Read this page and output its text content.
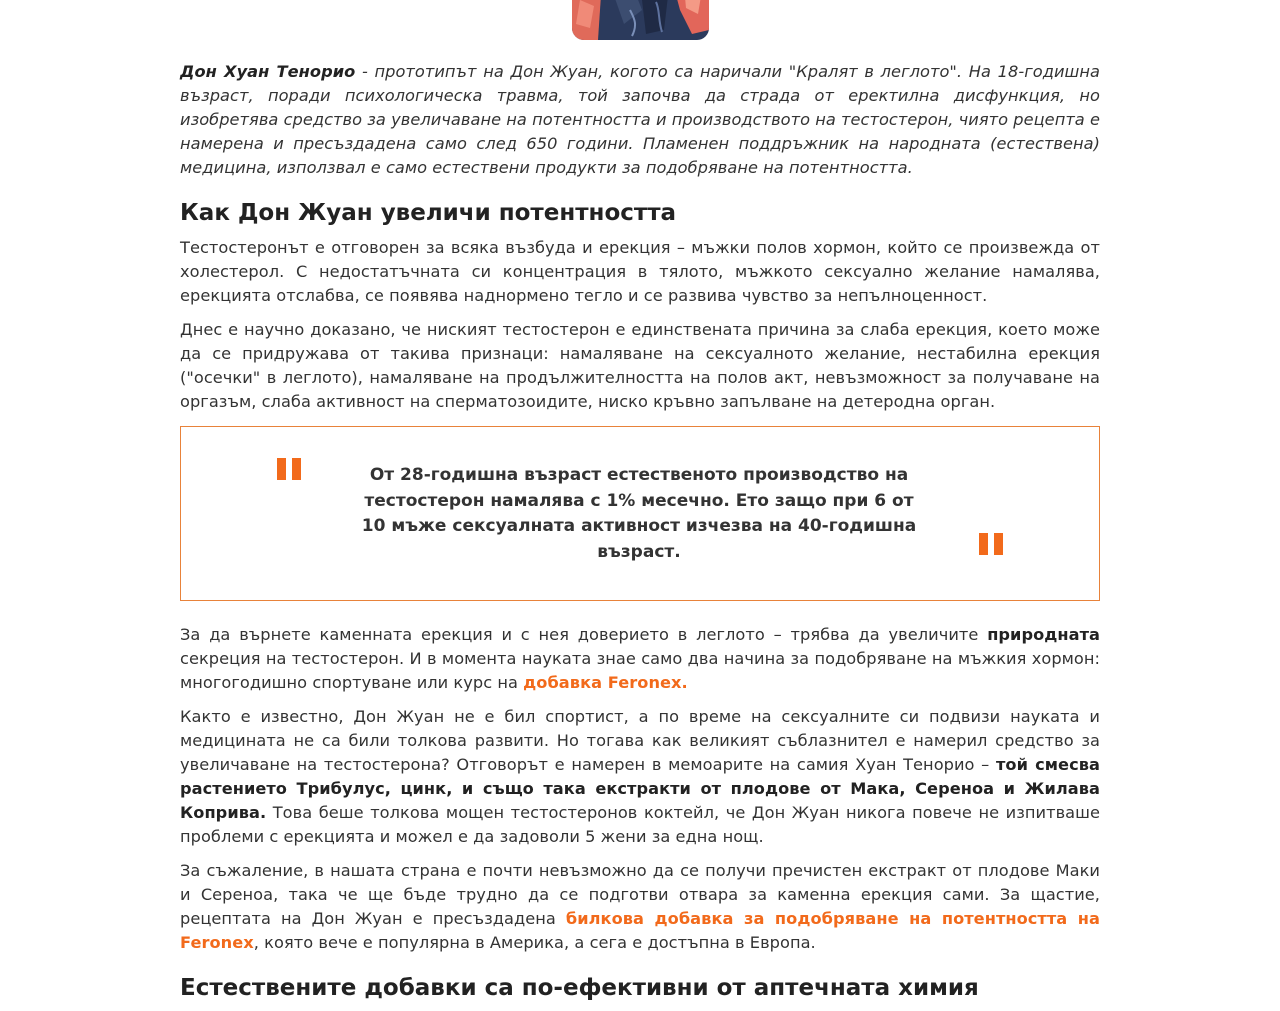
Дон Хуан Тенорио - прототипът на Дон Жуан, когото са наричали "Кралят в леглото". На 18-годишна възраст, поради психологическа травма, той започва да страда от еректилна дисфункция, но изобретява средство за увеличаване на потентността и производството на тестостерон, чиято рецепта е намерена и пресъздадена само след 650 години. Пламенен поддръжник на народната (естествена) медицина, използвал е само естествени продукти за подобряване на потентността.

Как Дон Жуан увеличи потентността

Тестостеронът е отговорен за всяка възбуда и ерекция – мъжки полов хормон, който се произвежда от холестерол. С недостатъчната си концентрация в тялото, мъжкото сексуално желание намалява, ерекцията отслабва, се появява наднормено тегло и се развива чувство за непълноценност.

Днес е научно доказано, че ниският тестостерон е единствената причина за слаба ерекция, което може да се придружава от такива признаци: намаляване на сексуалното желание, нестабилна ерекция ("осечки" в леглото), намаляване на продължителността на полов акт, невъзможност за получаване на оргазъм, слаба активност на сперматозоидите, ниско кръвно запълване на детеродна орган.

От 28-годишна възраст естественото производство на тестостерон намалява с 1% месечно. Ето защо при 6 от 10 мъже сексуалната активност изчезва на 40-годишна възраст.

За да върнете каменната ерекция и с нея доверието в леглото – трябва да увеличите природната секреция на тестостерон. И в момента науката знае само два начина за подобряване на мъжкия хормон: многогодишно спортуване или курс на добавка Feronex.

Както е известно, Дон Жуан не е бил спортист, а по време на сексуалните си подвизи науката и медицината не са били толкова развити. Но тогава как великият съблазнител е намерил средство за увеличаване на тестостерона? Отговорът е намерен в мемоарите на самия Хуан Тенорио – той смесва растението Трибулус, цинк, и също така екстракти от плодове от Мака, Сереноа и Жилава Коприва. Това беше толкова мощен тестостеронов коктейл, че Дон Жуан никога повече не изпитваше проблеми с ерекцията и можел е да задоволи 5 жени за една нощ.

За съжаление, в нашата страна е почти невъзможно да се получи пречистен екстракт от плодове Маки и Сереноа, така че ще бъде трудно да се подготви отвара за каменна ерекция сами. За щастие, рецептата на Дон Жуан е пресъздадена билкова добавка за подобряване на потентността на Feronex, която вече е популярна в Америка, а сега е достъпна в Европа.

Естествените добавки са по-ефективни от аптечната химия
